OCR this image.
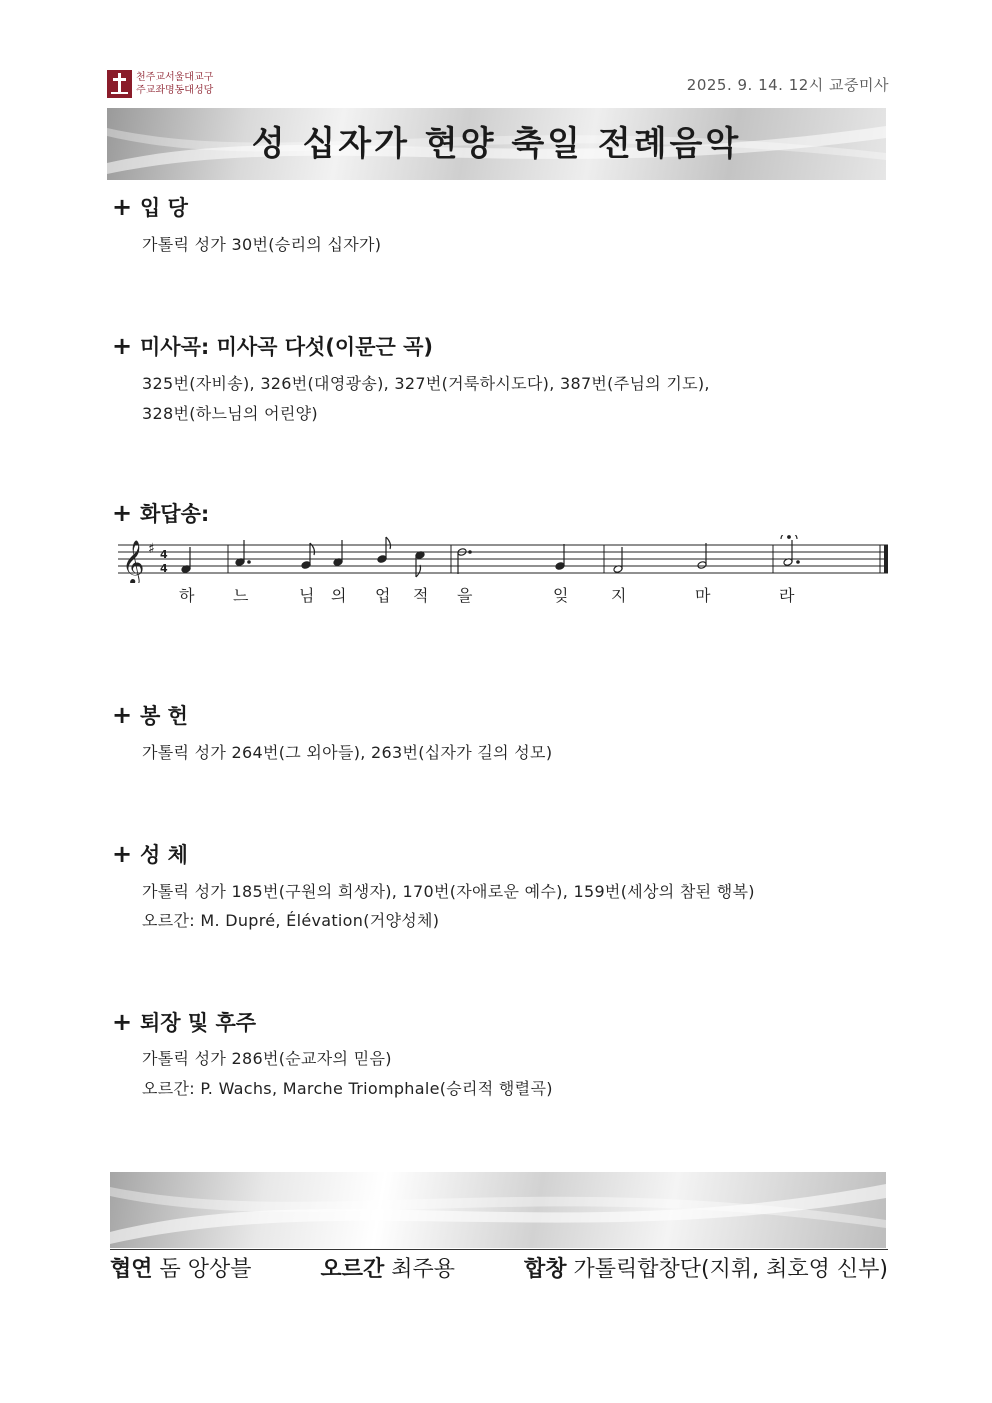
천주교서울대교구
주교좌명동대성당	2025. 9. 14. 12시 교중미사
성 십자가 현양 축일 전례음악
+ 입 당
가톨릭 성가 30번(승리의 십자가)
+ 미사곡: 미사곡 다섯(이문근 곡)
325번(자비송), 326번(대영광송), 327번(거룩하시도다), 387번(주님의 기도),
328번(하느님의 어린양)
+ 화답송:
𝄞 ♯ 4
4
하 느	님 의 업 적 을	잊	지	마	라
+ 봉 헌
가톨릭 성가 264번(그 외아들), 263번(십자가 길의 성모)
+ 성 체
가톨릭 성가 185번(구원의 희생자), 170번(자애로운 예수), 159번(세상의 참된 행복)
오르간: M. Dupré, Élévation(거양성체)
+ 퇴장 및 후주
가톨릭 성가 286번(순교자의 믿음)
오르간: P. Wachs, Marche Triomphale(승리적 행렬곡)
협연 돔 앙상블	오르간 최주용	합창 가톨릭합창단(지휘, 최호영 신부)
